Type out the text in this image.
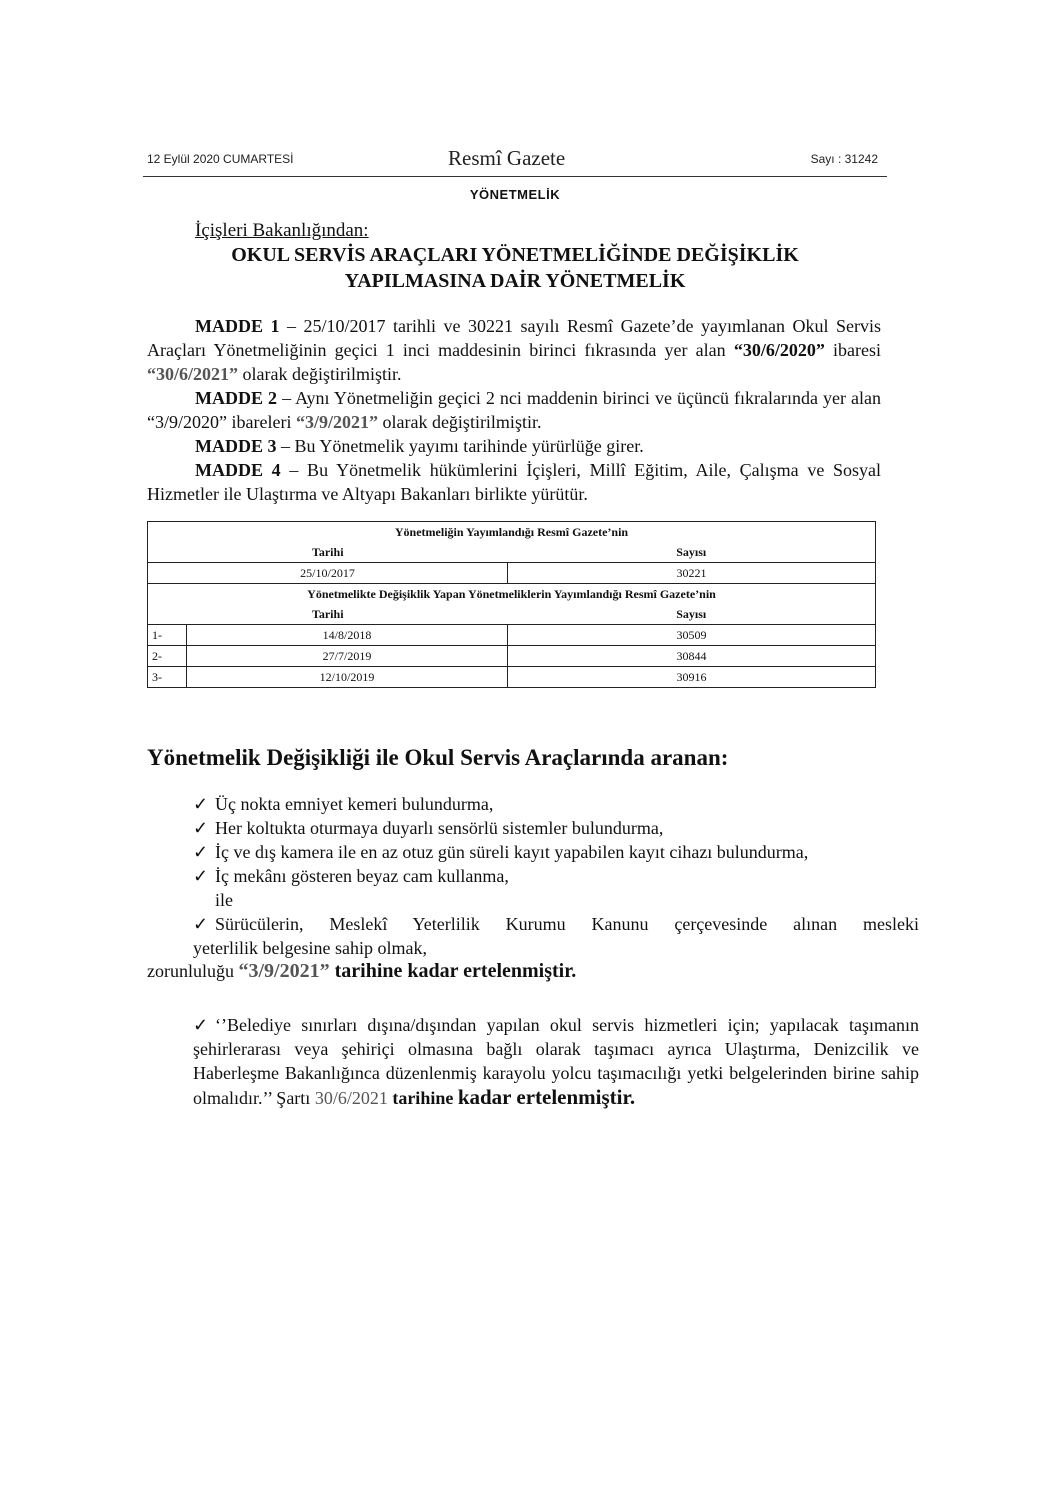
12 Eylül 2020 CUMARTESİ	Resmî Gazete	Sayı : 31242
YÖNETMELİK
İçişleri Bakanlığından:
OKUL SERVİS ARAÇLARI YÖNETMELİĞİNDE DEĞİŞİKLİK
YAPILMASINA DAİR YÖNETMELİK
MADDE 1 – 25/10/2017 tarihli ve 30221 sayılı Resmî Gazete’de yayımlanan Okul Servis Araçları Yönetmeliğinin geçici 1 inci maddesinin birinci fıkrasında yer alan “30/6/2020” ibaresi “30/6/2021” olarak değiştirilmiştir.
MADDE 2 – Aynı Yönetmeliğin geçici 2 nci maddenin birinci ve üçüncü fıkralarında yer alan “3/9/2020” ibareleri “3/9/2021” olarak değiştirilmiştir.
MADDE 3 – Bu Yönetmelik yayımı tarihinde yürürlüğe girer.
MADDE 4 – Bu Yönetmelik hükümlerini İçişleri, Millî Eğitim, Aile, Çalışma ve Sosyal Hizmetler ile Ulaştırma ve Altyapı Bakanları birlikte yürütür.
Yönetmeliğin Yayımlandığı Resmî Gazete’nin		
Tarihi		Sayısı
25/10/2017		30221
Yönetmelikte Değişiklik Yapan Yönetmeliklerin Yayımlandığı Resmî Gazete’nin		
Tarihi		Sayısı
1-	14/8/2018	30509
2-	27/7/2019	30844
3-	12/10/2019	30916
Yönetmelik Değişikliği ile Okul Servis Araçlarında aranan:
✓ Üç nokta emniyet kemeri bulundurma,
✓ Her koltukta oturmaya duyarlı sensörlü sistemler bulundurma,
✓ İç ve dış kamera ile en az otuz gün süreli kayıt yapabilen kayıt cihazı bulundurma,
✓ İç mekânı gösteren beyaz cam kullanma,
ile
✓ Sürücülerin, Meslekî Yeterlilik Kurumu Kanunu çerçevesinde alınan mesleki
yeterlilik belgesine sahip olmak,
zorunluluğu “3/9/2021” tarihine kadar ertelenmiştir.
✓ ‘’Belediye sınırları dışına/dışından yapılan okul servis hizmetleri için; yapılacak taşımanın şehirlerarası veya şehiriçi olmasına bağlı olarak taşımacı ayrıca Ulaştırma, Denizcilik ve Haberleşme Bakanlığınca düzenlenmiş karayolu yolcu taşımacılığı yetki belgelerinden birine sahip olmalıdır.’’ Şartı 30/6/2021 tarihine kadar ertelenmiştir.
